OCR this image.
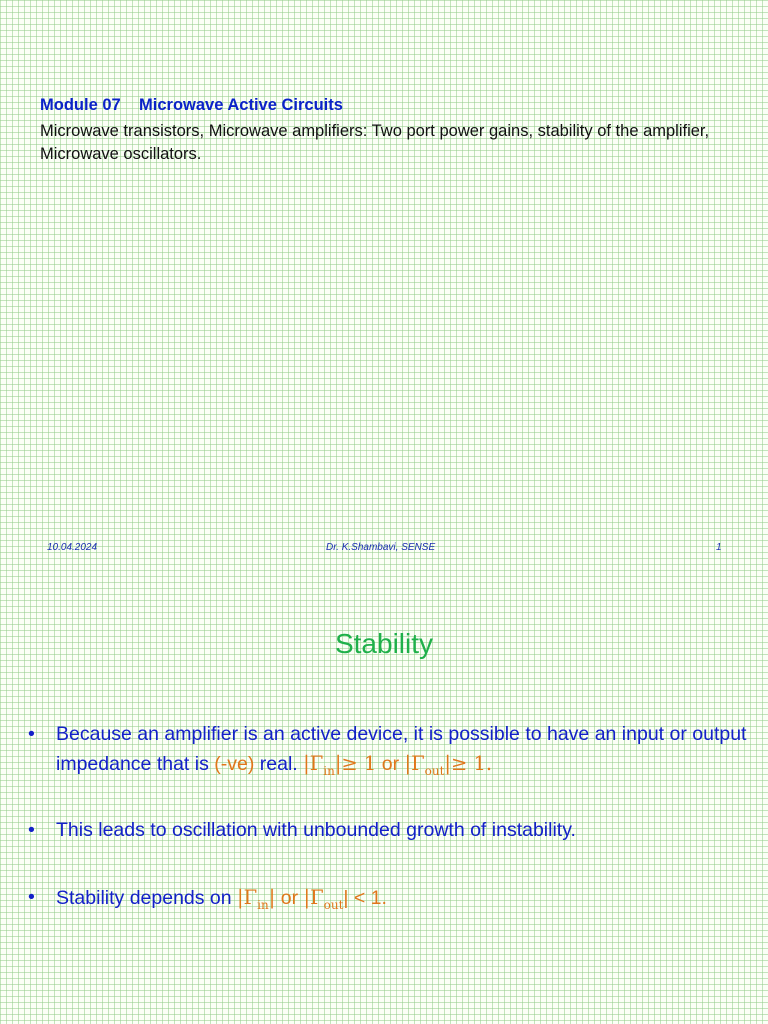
Module 07    Microwave Active Circuits
Microwave transistors, Microwave amplifiers: Two port power gains, stability of the amplifier, Microwave oscillators.
10.04.2024	Dr. K.Shambavi, SENSE	1
Stability
• Because an amplifier is an active device, it is possible to have an input or output impedance that is (-ve) real. $|\Gamma_{in}|\ge 1$ or $|\Gamma_{out}|\ge 1$.
• This leads to oscillation with unbounded growth of instability.
• Stability depends on $|\Gamma_{in}|$ or $|\Gamma_{out}| < 1$.
